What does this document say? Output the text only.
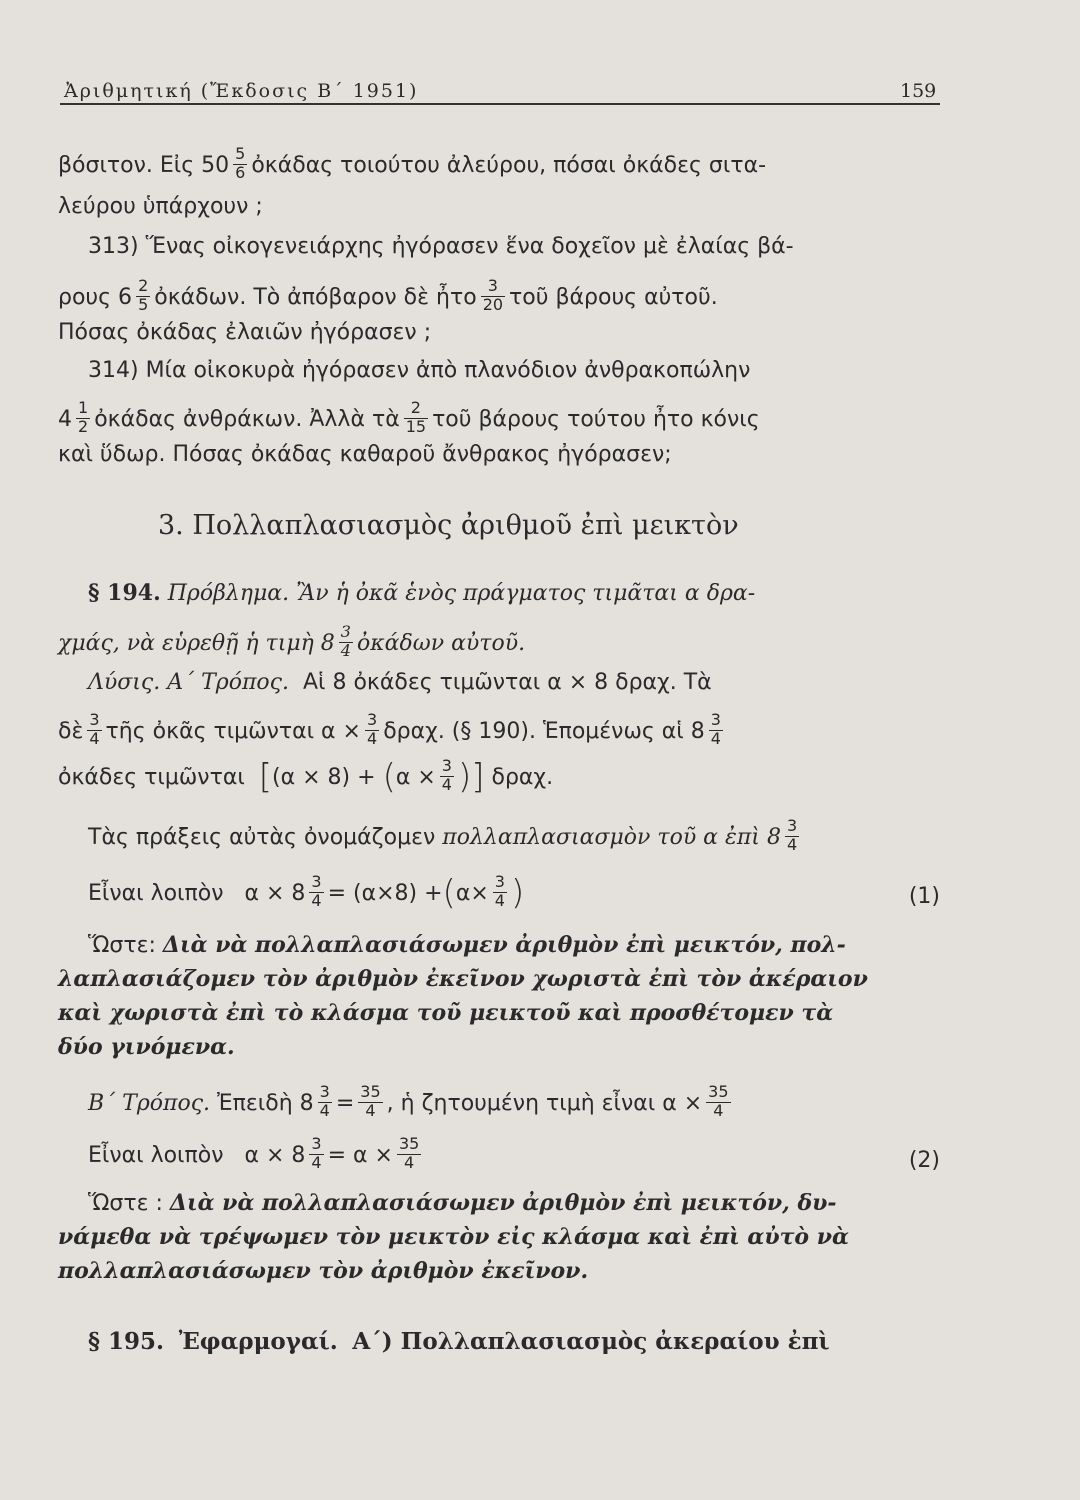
Ἀριθμητική (Ἔκδοσις Β΄ 1951)	159
βόσιτον. Εἰς $50 \frac{5}{6}$ ὀκάδας τοιούτου ἀλεύρου, πόσαι ὀκάδες σιτα-
λεύρου ὑπάρχουν ;
313) Ἕνας οἰκογενειάρχης ἠγόρασεν ἕνα δοχεῖον μὲ ἐλαίας βά-
ρους $6 \frac{2}{5}$ ὀκάδων. Τὸ ἀπόβαρον δὲ ἦτο $\frac{3}{20}$ τοῦ βάρους αὐτοῦ.
Πόσας ὀκάδας ἐλαιῶν ἠγόρασεν ;
314) Μία οἰκοκυρὰ ἠγόρασεν ἀπὸ πλανόδιον ἀνθρακοπώλην
$4 \frac{1}{2}$ ὀκάδας ἀνθράκων. Ἀλλὰ τὰ $\frac{2}{15}$ τοῦ βάρους τούτου ἦτο κόνις
καὶ ὕδωρ. Πόσας ὀκάδας καθαροῦ ἄνθρακος ἠγόρασεν;
3. Πολλαπλασιασμὸς ἀριθμοῦ ἐπὶ μεικτὸν
§ 194. Πρόβλημα. Ἂν ἡ ὀκᾶ ἑνὸς πράγματος τιμᾶται α δρα-
χμάς, νὰ εὑρεθῇ ἡ τιμὴ $8 \frac{3}{4}$ ὀκάδων αὐτοῦ.
Λύσις. Α΄ Τρόπος. Αἱ 8 ὀκάδες τιμῶνται α × 8 δραχ. Τὰ
δὲ $\frac{3}{4}$ τῆς ὀκᾶς τιμῶνται $\alpha \times \frac{3}{4} \delta\rho\alpha\chi$. (§ 190). Ἑπομένως αἱ $8 \frac{3}{4}$
ὀκάδες τιμῶνται [$(\alpha \times 8) + (\alpha \times \frac{3}{4}$ )] δραχ.
Τὰς πράξεις αὐτὰς ὀνομάζομεν πολλαπλασιασμὸν τοῦ α ἐπὶ $8 \frac{3}{4}$
Εἶναι λοιπὸν $\alpha \times 8 \frac{3}{4} = (\alpha\times 8) +(\alpha\times \frac{3}{4}$ )	(1)
Ὥστε: Διὰ νὰ πολλαπλασιάσωμεν ἀριθμὸν ἐπὶ μεικτόν, πολ-
λαπλασιάζομεν τὸν ἀριθμὸν ἐκεῖνον χωριστὰ ἐπὶ τὸν ἀκέραιον
καὶ χωριστὰ ἐπὶ τὸ κλάσμα τοῦ μεικτοῦ καὶ προσθέτομεν τὰ
δύο γινόμενα.
Β΄ Τρόπος. Ἐπειδὴ $8 \frac{3}{4} = \frac{35}{4}$ , ἡ ζητουμένη τιμὴ εἶναι $\alpha \times \frac{35}{4}$
Εἶναι λοιπὸν $\alpha \times 8 \frac{3}{4} = \alpha \times \frac{35}{4}$	(2)
Ὥστε : Διὰ νὰ πολλαπλασιάσωμεν ἀριθμὸν ἐπὶ μεικτόν, δυ-
νάμεθα νὰ τρέψωμεν τὸν μεικτὸν εἰς κλάσμα καὶ ἐπὶ αὐτὸ νὰ
πολλαπλασιάσωμεν τὸν ἀριθμὸν ἐκεῖνον.
§ 195. Ἐφαρμογαί. Α΄) Πολλαπλασιασμὸς ἀκεραίου ἐπὶ
